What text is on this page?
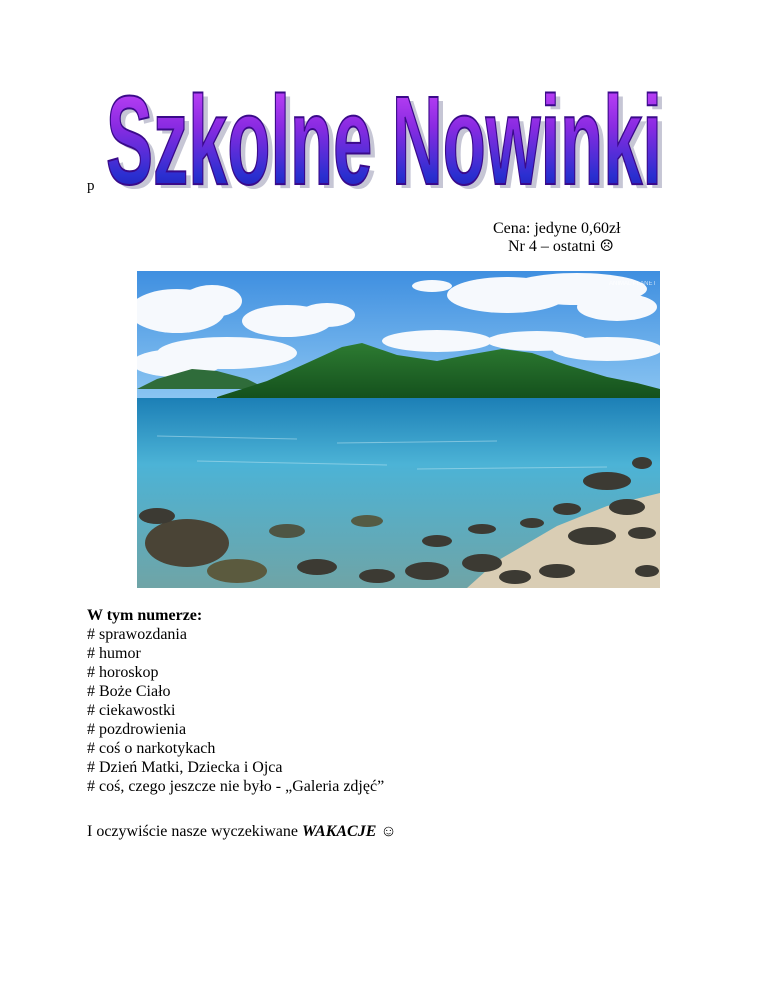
Szkolne Nowinki
Szkolne Nowinki
p
Cena: jedyne 0,60zł
Nr 4 – ostatni ☹
ANIMAL PLANET
W tym numerze:
# sprawozdania
# humor
# horoskop
# Boże Ciało
# ciekawostki
# pozdrowienia
# coś o narkotykach
# Dzień Matki, Dziecka i Ojca
# coś, czego jeszcze nie było - „Galeria zdjęć”
I oczywiście nasze wyczekiwane WAKACJE ☺
